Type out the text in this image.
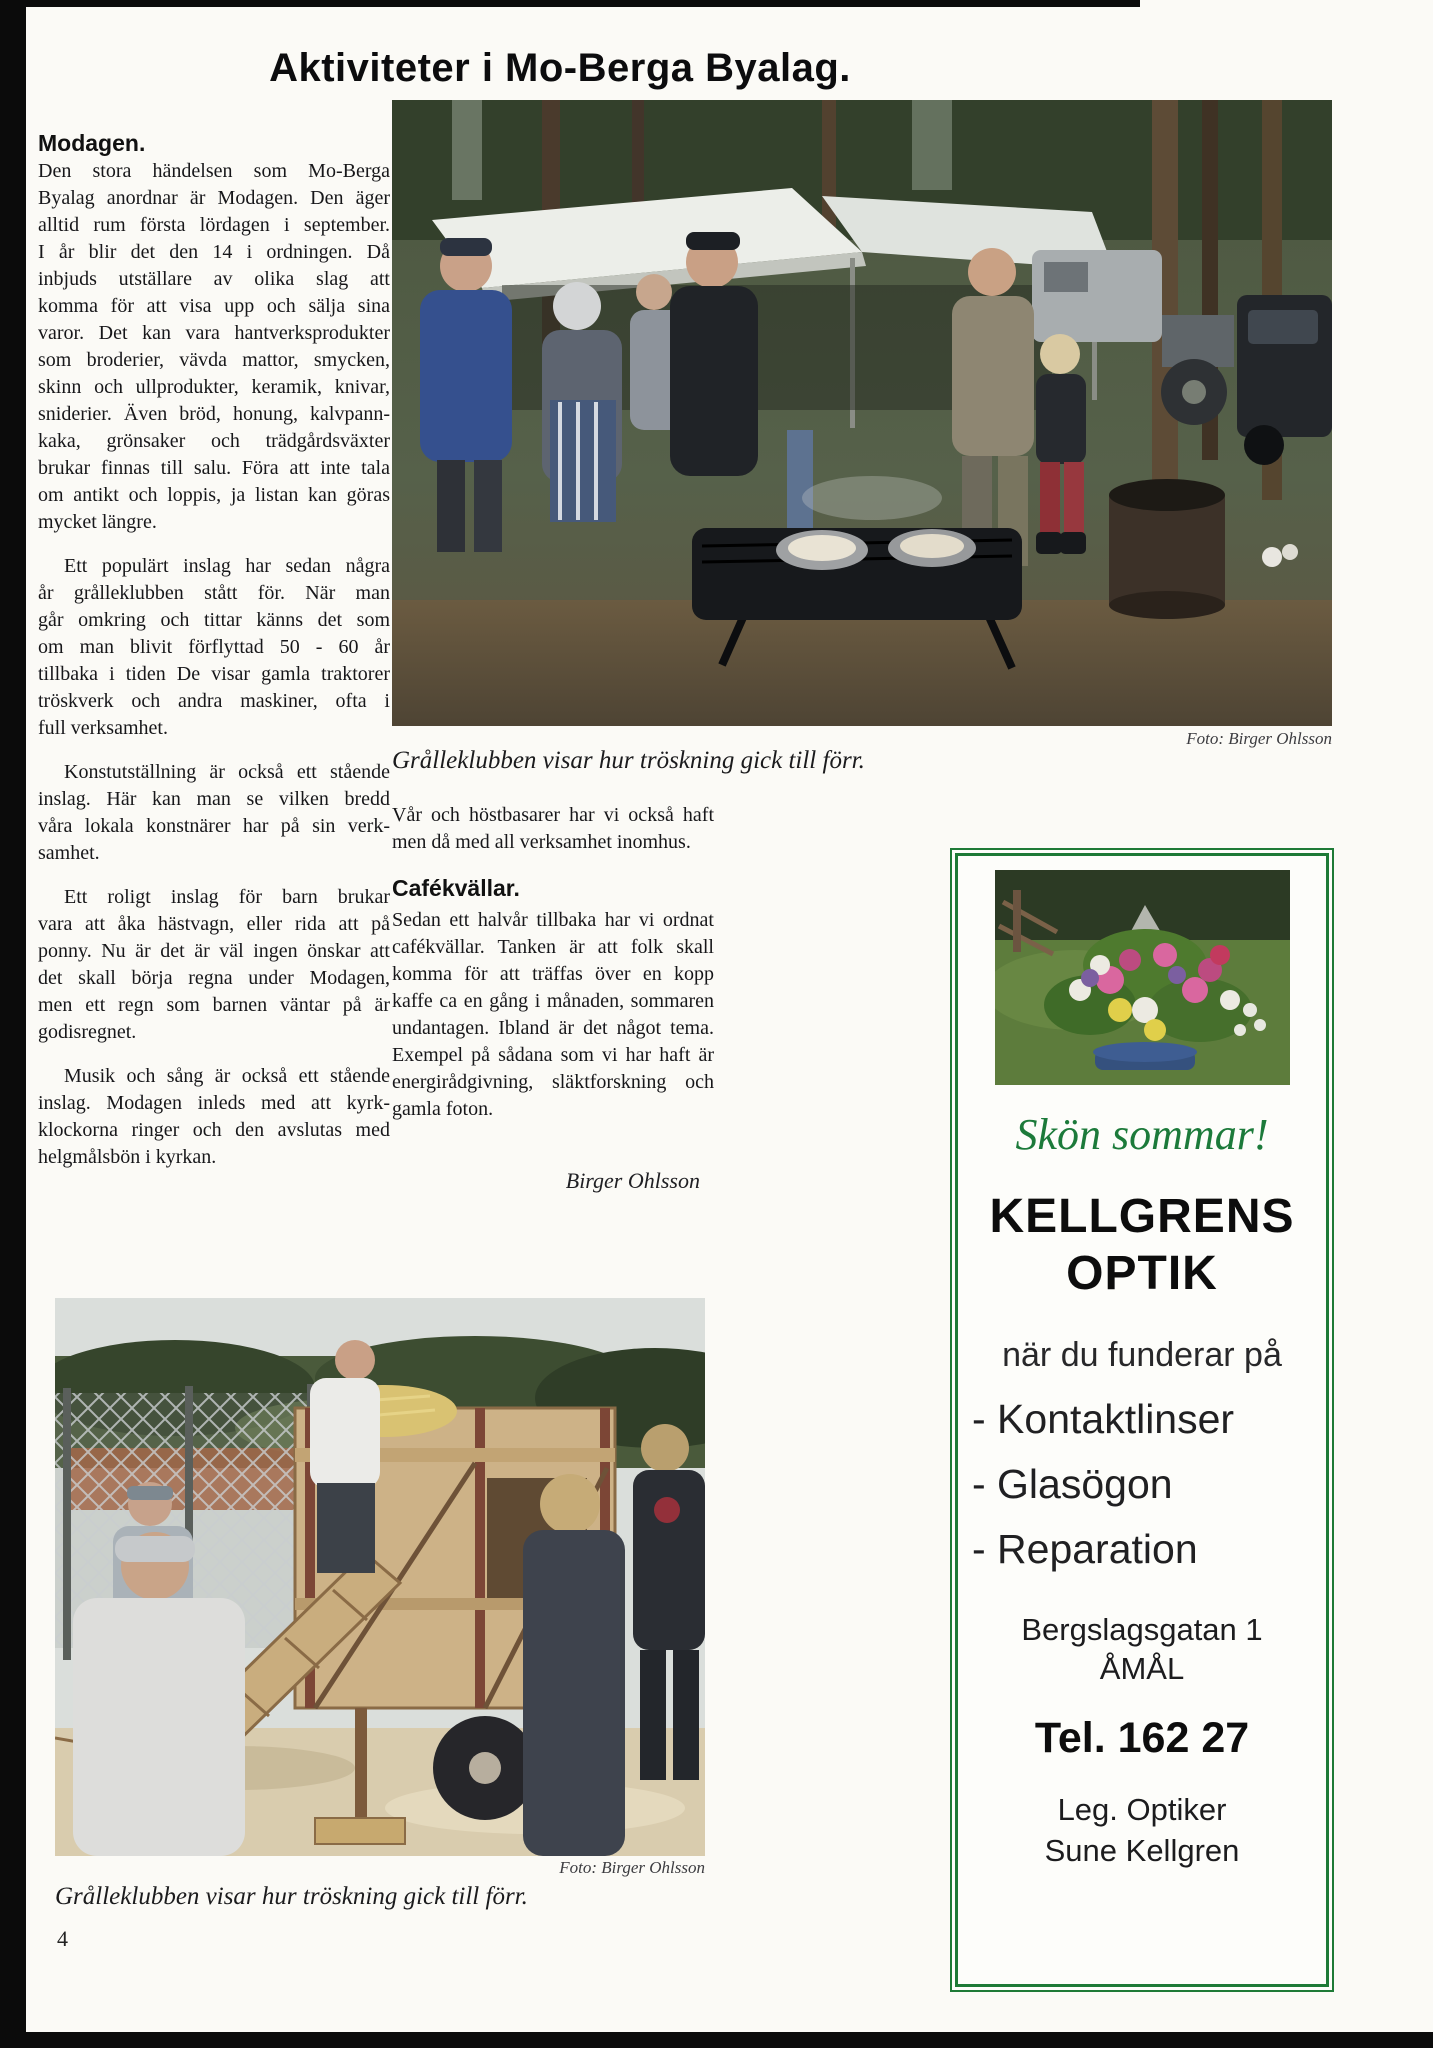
Aktiviteter i Mo-Berga Byalag.
Modagen.
Den stora händelsen som Mo-Berga
Byalag anordnar är Modagen. Den äger
alltid rum första lördagen i september.
I år blir det den 14 i ordningen. Då
inbjuds utställare av olika slag att
komma för att visa upp och sälja sina
varor. Det kan vara hantverksprodukter
som broderier, vävda mattor, smycken,
skinn och ullprodukter, keramik, knivar,
sniderier. Även bröd, honung, kalvpann-
kaka, grönsaker och trädgårdsväxter
brukar finnas till salu. Föra att inte tala
om antikt och loppis, ja listan kan göras
mycket längre.
Ett populärt inslag har sedan några
år grålleklubben stått för. När man
går omkring och tittar känns det som
om man blivit förflyttad 50 - 60 år
tillbaka i tiden De visar gamla traktorer
tröskverk och andra maskiner, ofta i
full verksamhet.
Konstutställning är också ett stående
inslag. Här kan man se vilken bredd
våra lokala konstnärer har på sin verk-
samhet.
Ett roligt inslag för barn brukar
vara att åka hästvagn, eller rida att på
ponny. Nu är det är väl ingen önskar att
det skall börja regna under Modagen,
men ett regn som barnen väntar på är
godisregnet.
Musik och sång är också ett stående
inslag. Modagen inleds med att kyrk-
klockorna ringer och den avslutas med
helgmålsbön i kyrkan.
Foto: Birger Ohlsson
Grålleklubben visar hur tröskning gick till förr.
Vår och höstbasarer har vi också haft
men då med all verksamhet inomhus.
Cafékvällar.
Sedan ett halvår tillbaka har vi ordnat
cafékvällar. Tanken är att folk skall
komma för att träffas över en kopp
kaffe ca en gång i månaden, sommaren
undantagen. Ibland är det något tema.
Exempel på sådana som vi har haft är
energirådgivning, släktforskning och
gamla foton.
Birger Ohlsson
Skön sommar!
KELLGRENS
OPTIK
när du funderar på
- Kontaktlinser
- Glasögon
- Reparation
Bergslagsgatan 1
ÅMÅL
Tel. 162 27
Leg. Optiker
Sune Kellgren
Foto: Birger Ohlsson
Grålleklubben visar hur tröskning gick till förr.
4
